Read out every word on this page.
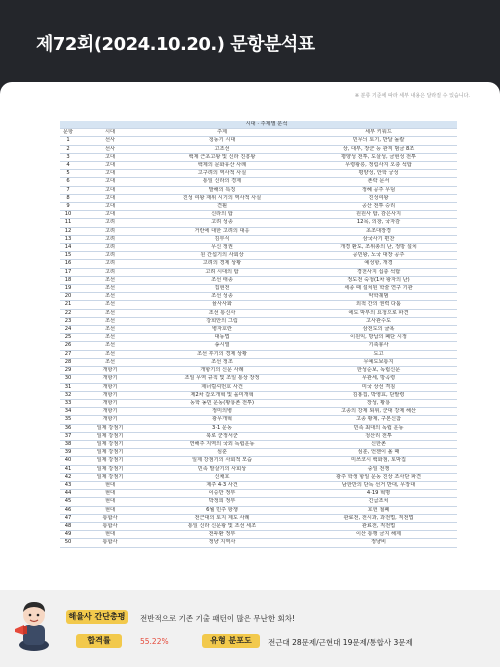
제72회(2024.10.20.) 문항분석표
※ 분류 기준에 따라 세부 내용은 달라질 수 있습니다.
	시대 · 주제별 분석		
문항	시대	주제	세부 키워드
1	선사	청동기 시대	민무늬 토기, 반달 돌칼
2	선사	고조선	상, 대부, 장군 등 관직 범금 8조
3	고대	백제 근초고왕 및 신라 진흥왕	평양성 전투, 도살성, 금현성 전투
4	고대	백제의 문화유산 사례	무령왕릉, 정림사지 오층 석탑
5	고대	고구려의 역사적 사실	평양성, 안학 궁성
6	고대	통일 신라의 경제	촌락 문서
7	고대	발해의 특징	정혜 공주 무덤
8	고대	진성 여왕 재위 시기의 역사적 사실	진성여왕
9	고대	견훤	공산 전투 승리
10	고대	신라의 탑	원원사 탑, 감은사지
11	고려	고려 성종	12목, 의창, 국자감
12	고려	거란에 대한 고려의 대응	초조대장경
13	고려	김부식	삼국사기 편찬
14	고려	무신 정권	개경 환도, 조위총의 난, 정방 설치
15	고려	원 간섭기의 사회상	공민왕, 노국 대장 공주
16	고려	고려의 경제 상황	예성항, 개경
17	고려	고려 시대의 탑	경천사지 십층 석탑
18	조선	조선 태종	정도전 숙청(1차 왕자의 난)
19	조선	집현전	세종 때 설치된 학술 연구 기관
20	조선	조선 성종	악학궤범
21	조선	율사사화	외척 간의 권력 다툼
22	조선	조선 통신사	에도 막부의 요청으로 파견
23	조선	강희안의 그림	고사관수도
24	조선	병자호란	삼전도의 굴욕
25	조선	대동법	이원익, 방납의 폐단 시정
26	조선	송시열	기축봉사
27	조선	조선 후기의 경제 상황	도고
28	조선	조선 정조	무예도보통지
29	개항기	개항기의 신문 사례	한성순보, 독립신문
30	개항기	조일 무역 규칙 및 조일 통상 장정	무관세, 방곡령
31	개항기	제너럴셔먼호 사건	미국 상선 격침
32	개항기	제2차 갑오개혁 및 을미개혁	김홍집, 박영효, 단발령
33	개항기	동학 농민 운동(황룡촌 전투)	장성, 황룡
34	개항기	정미의병	고종의 강제 퇴위, 군대 강제 해산
35	개항기	광무개혁	고종 황제, 구본신참
36	일제 강점기	3·1 운동	민족 최대의 독립 운동
37	일제 강점기	북로 군정서군	청산리 전투
38	일제 강점기	연해주 지역의 국외 독립운동	신한촌
39	일제 강점기	심훈	심훈, 언젠이 올 때
40	일제 강점기	일제 강점기의 사회적 모습	미쓰코시 백화점, 토막집
41	일제 강점기	민족 말살기의 사회상	중일 전쟁
42	일제 강점기	신채호	광주 학생 항일 운동 진상 조사단 파견
43	현대	제주 4·3 사건	남한만의 단독 선거 반대, 무장대
44	현대	이승만 정부	4·19 혁명
45	현대	박정희 정부	긴급조치
46	현대	6월 민주 항쟁	호헌 철폐
47	통합사	전근대의 토지 제도 사례	관료전, 전시과, 과전법, 직전법
48	통합사	통일 신라 신문왕 및 조선 세조	관료전, 직전법
49	현대	전두환 정부	이산 통행 금지 해제
50	통합사	정냥 지역사	정냥비
해율사 간단총평	전반적으로 기존 기출 패턴이 많은 무난한 회차!
합격률	55.22%	유형 분포도	전근대 28문제/근현대 19문제/통합사 3문제
